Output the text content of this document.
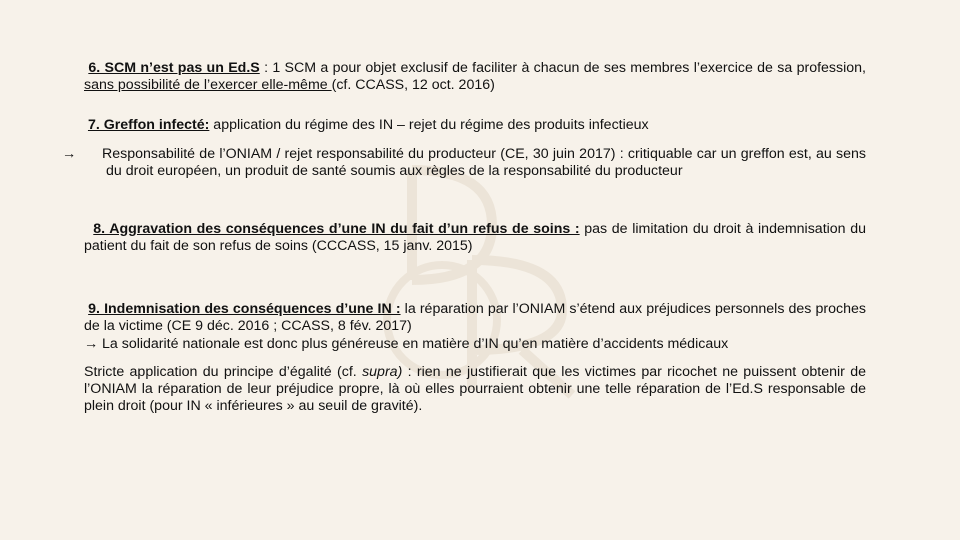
6. SCM n’est pas un Ed.S : 1 SCM a pour objet exclusif de faciliter à chacun de ses membres l’exercice de sa profession, sans possibilité de l’exercer elle-même (cf. CCASS, 12 oct. 2016)

7. Greffon infecté: application du régime des IN – rejet du régime des produits infectieux

→ Responsabilité de l’ONIAM / rejet responsabilité du producteur (CE, 30 juin 2017) : critiquable car un greffon est, au sens du droit européen, un produit de santé soumis aux règles de la responsabilité du producteur

8. Aggravation des conséquences d’une IN du fait d’un refus de soins : pas de limitation du droit à indemnisation du patient du fait de son refus de soins (CCCASS, 15 janv. 2015)

9. Indemnisation des conséquences d’une IN : la réparation par l’ONIAM s’étend aux préjudices personnels des proches de la victime (CE 9 déc. 2016 ; CCASS, 8 fév. 2017)

→ La solidarité nationale est donc plus généreuse en matière d’IN qu’en matière d’accidents médicaux

Stricte application du principe d’égalité (cf. supra) : rien ne justifierait que les victimes par ricochet ne puissent obtenir de l’ONIAM la réparation de leur préjudice propre, là où elles pourraient obtenir une telle réparation de l’Ed.S responsable de plein droit (pour IN « inférieures » au seuil de gravité).
